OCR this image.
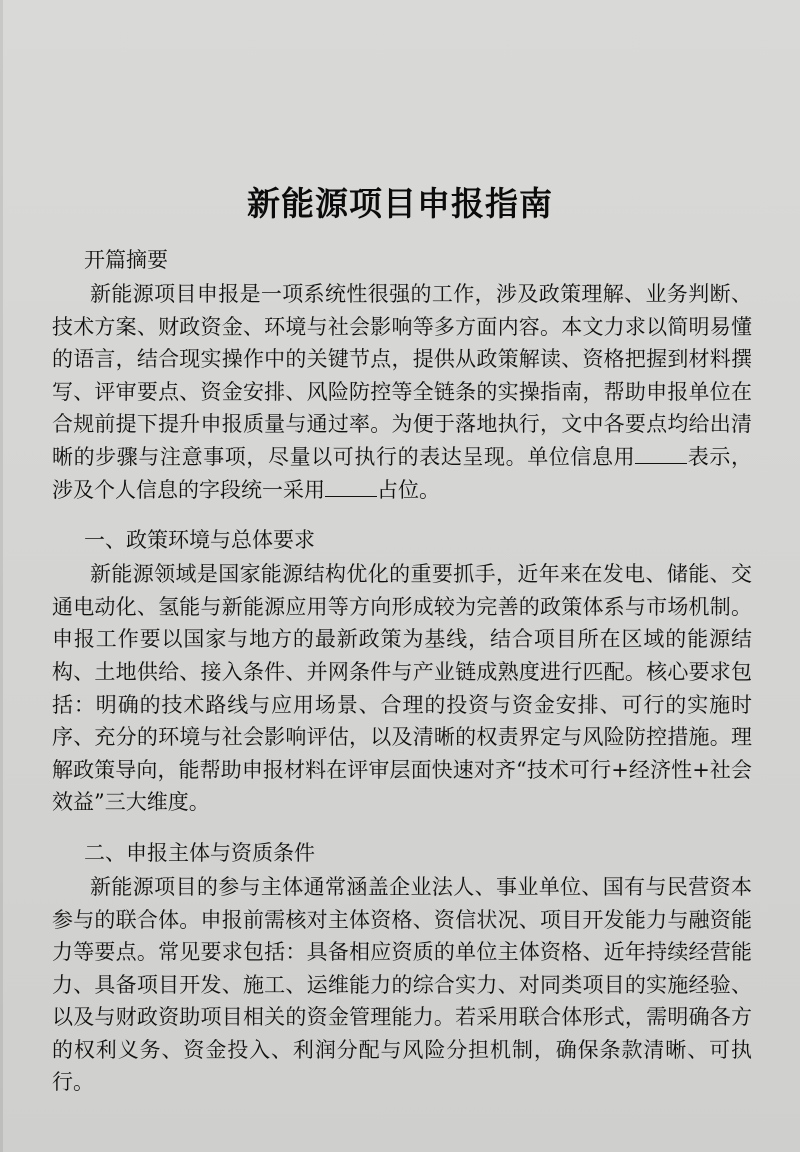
新能源项目申报指南

开篇摘要

新能源项目申报是一项系统性很强的工作，涉及政策理解、业务判断、技术方案、财政资金、环境与社会影响等多方面内容。本文力求以简明易懂的语言，结合现实操作中的关键节点，提供从政策解读、资格把握到材料撰写、评审要点、资金安排、风险防控等全链条的实操指南，帮助申报单位在合规前提下提升申报质量与通过率。为便于落地执行，文中各要点均给出清晰的步骤与注意事项，尽量以可执行的表达呈现。单位信息用 表示，涉及个人信息的字段统一采用 占位。

一、政策环境与总体要求

新能源领域是国家能源结构优化的重要抓手，近年来在发电、储能、交通电动化、氢能与新能源应用等方向形成较为完善的政策体系与市场机制。申报工作要以国家与地方的最新政策为基线，结合项目所在区域的能源结构、土地供给、接入条件、并网条件与产业链成熟度进行匹配。核心要求包括：明确的技术路线与应用场景、合理的投资与资金安排、可行的实施时序、充分的环境与社会影响评估，以及清晰的权责界定与风险防控措施。理解政策导向，能帮助申报材料在评审层面快速对齐“技术可行+经济性+社会效益”三大维度。

二、申报主体与资质条件

新能源项目的参与主体通常涵盖企业法人、事业单位、国有与民营资本参与的联合体。申报前需核对主体资格、资信状况、项目开发能力与融资能力等要点。常见要求包括：具备相应资质的单位主体资格、近年持续经营能力、具备项目开发、施工、运维能力的综合实力、对同类项目的实施经验、以及与财政资助项目相关的资金管理能力。若采用联合体形式，需明确各方的权利义务、资金投入、利润分配与风险分担机制，确保条款清晰、可执行。
